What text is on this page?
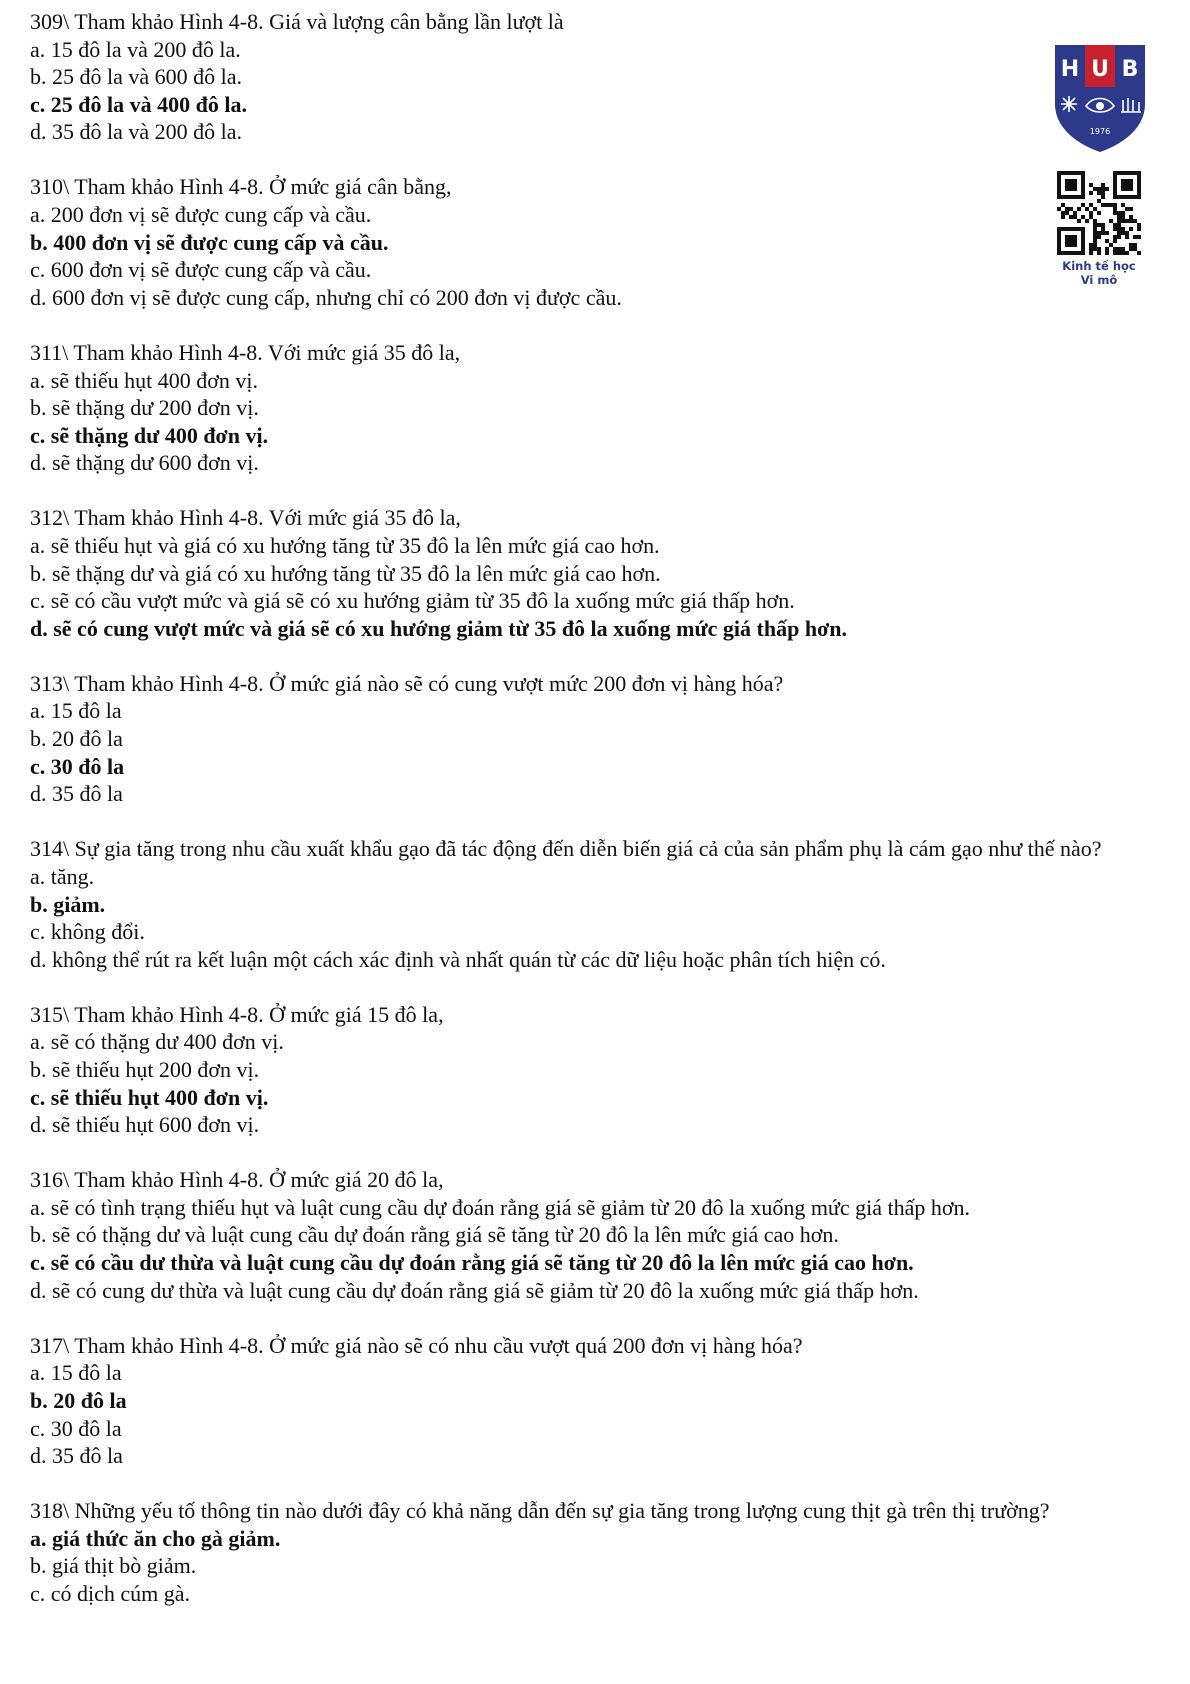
309\ Tham khảo Hình 4-8. Giá và lượng cân bằng lần lượt là
a. 15 đô la và 200 đô la.
b. 25 đô la và 600 đô la.
c. 25 đô la và 400 đô la.
d. 35 đô la và 200 đô la.
310\ Tham khảo Hình 4-8. Ở mức giá cân bằng,
a. 200 đơn vị sẽ được cung cấp và cầu.
b. 400 đơn vị sẽ được cung cấp và cầu.
c. 600 đơn vị sẽ được cung cấp và cầu.
d. 600 đơn vị sẽ được cung cấp, nhưng chỉ có 200 đơn vị được cầu.
311\ Tham khảo Hình 4-8. Với mức giá 35 đô la,
a. sẽ thiếu hụt 400 đơn vị.
b. sẽ thặng dư 200 đơn vị.
c. sẽ thặng dư 400 đơn vị.
d. sẽ thặng dư 600 đơn vị.
312\ Tham khảo Hình 4-8. Với mức giá 35 đô la,
a. sẽ thiếu hụt và giá có xu hướng tăng từ 35 đô la lên mức giá cao hơn.
b. sẽ thặng dư và giá có xu hướng tăng từ 35 đô la lên mức giá cao hơn.
c. sẽ có cầu vượt mức và giá sẽ có xu hướng giảm từ 35 đô la xuống mức giá thấp hơn.
d. sẽ có cung vượt mức và giá sẽ có xu hướng giảm từ 35 đô la xuống mức giá thấp hơn.
313\ Tham khảo Hình 4-8. Ở mức giá nào sẽ có cung vượt mức 200 đơn vị hàng hóa?
a. 15 đô la
b. 20 đô la
c. 30 đô la
d. 35 đô la
314\ Sự gia tăng trong nhu cầu xuất khẩu gạo đã tác động đến diễn biến giá cả của sản phẩm phụ là cám gạo như thế nào?
a. tăng.
b. giảm.
c. không đổi.
d. không thể rút ra kết luận một cách xác định và nhất quán từ các dữ liệu hoặc phân tích hiện có.
315\ Tham khảo Hình 4-8. Ở mức giá 15 đô la,
a. sẽ có thặng dư 400 đơn vị.
b. sẽ thiếu hụt 200 đơn vị.
c. sẽ thiếu hụt 400 đơn vị.
d. sẽ thiếu hụt 600 đơn vị.
316\ Tham khảo Hình 4-8. Ở mức giá 20 đô la,
a. sẽ có tình trạng thiếu hụt và luật cung cầu dự đoán rằng giá sẽ giảm từ 20 đô la xuống mức giá thấp hơn.
b. sẽ có thặng dư và luật cung cầu dự đoán rằng giá sẽ tăng từ 20 đô la lên mức giá cao hơn.
c. sẽ có cầu dư thừa và luật cung cầu dự đoán rằng giá sẽ tăng từ 20 đô la lên mức giá cao hơn.
d. sẽ có cung dư thừa và luật cung cầu dự đoán rằng giá sẽ giảm từ 20 đô la xuống mức giá thấp hơn.
317\ Tham khảo Hình 4-8. Ở mức giá nào sẽ có nhu cầu vượt quá 200 đơn vị hàng hóa?
a. 15 đô la
b. 20 đô la
c. 30 đô la
d. 35 đô la
318\ Những yếu tố thông tin nào dưới đây có khả năng dẫn đến sự gia tăng trong lượng cung thịt gà trên thị trường?
a. giá thức ăn cho gà giảm.
b. giá thịt bò giảm.
c. có dịch cúm gà.
H U B
1976
Kinh tế học
Vi mô
